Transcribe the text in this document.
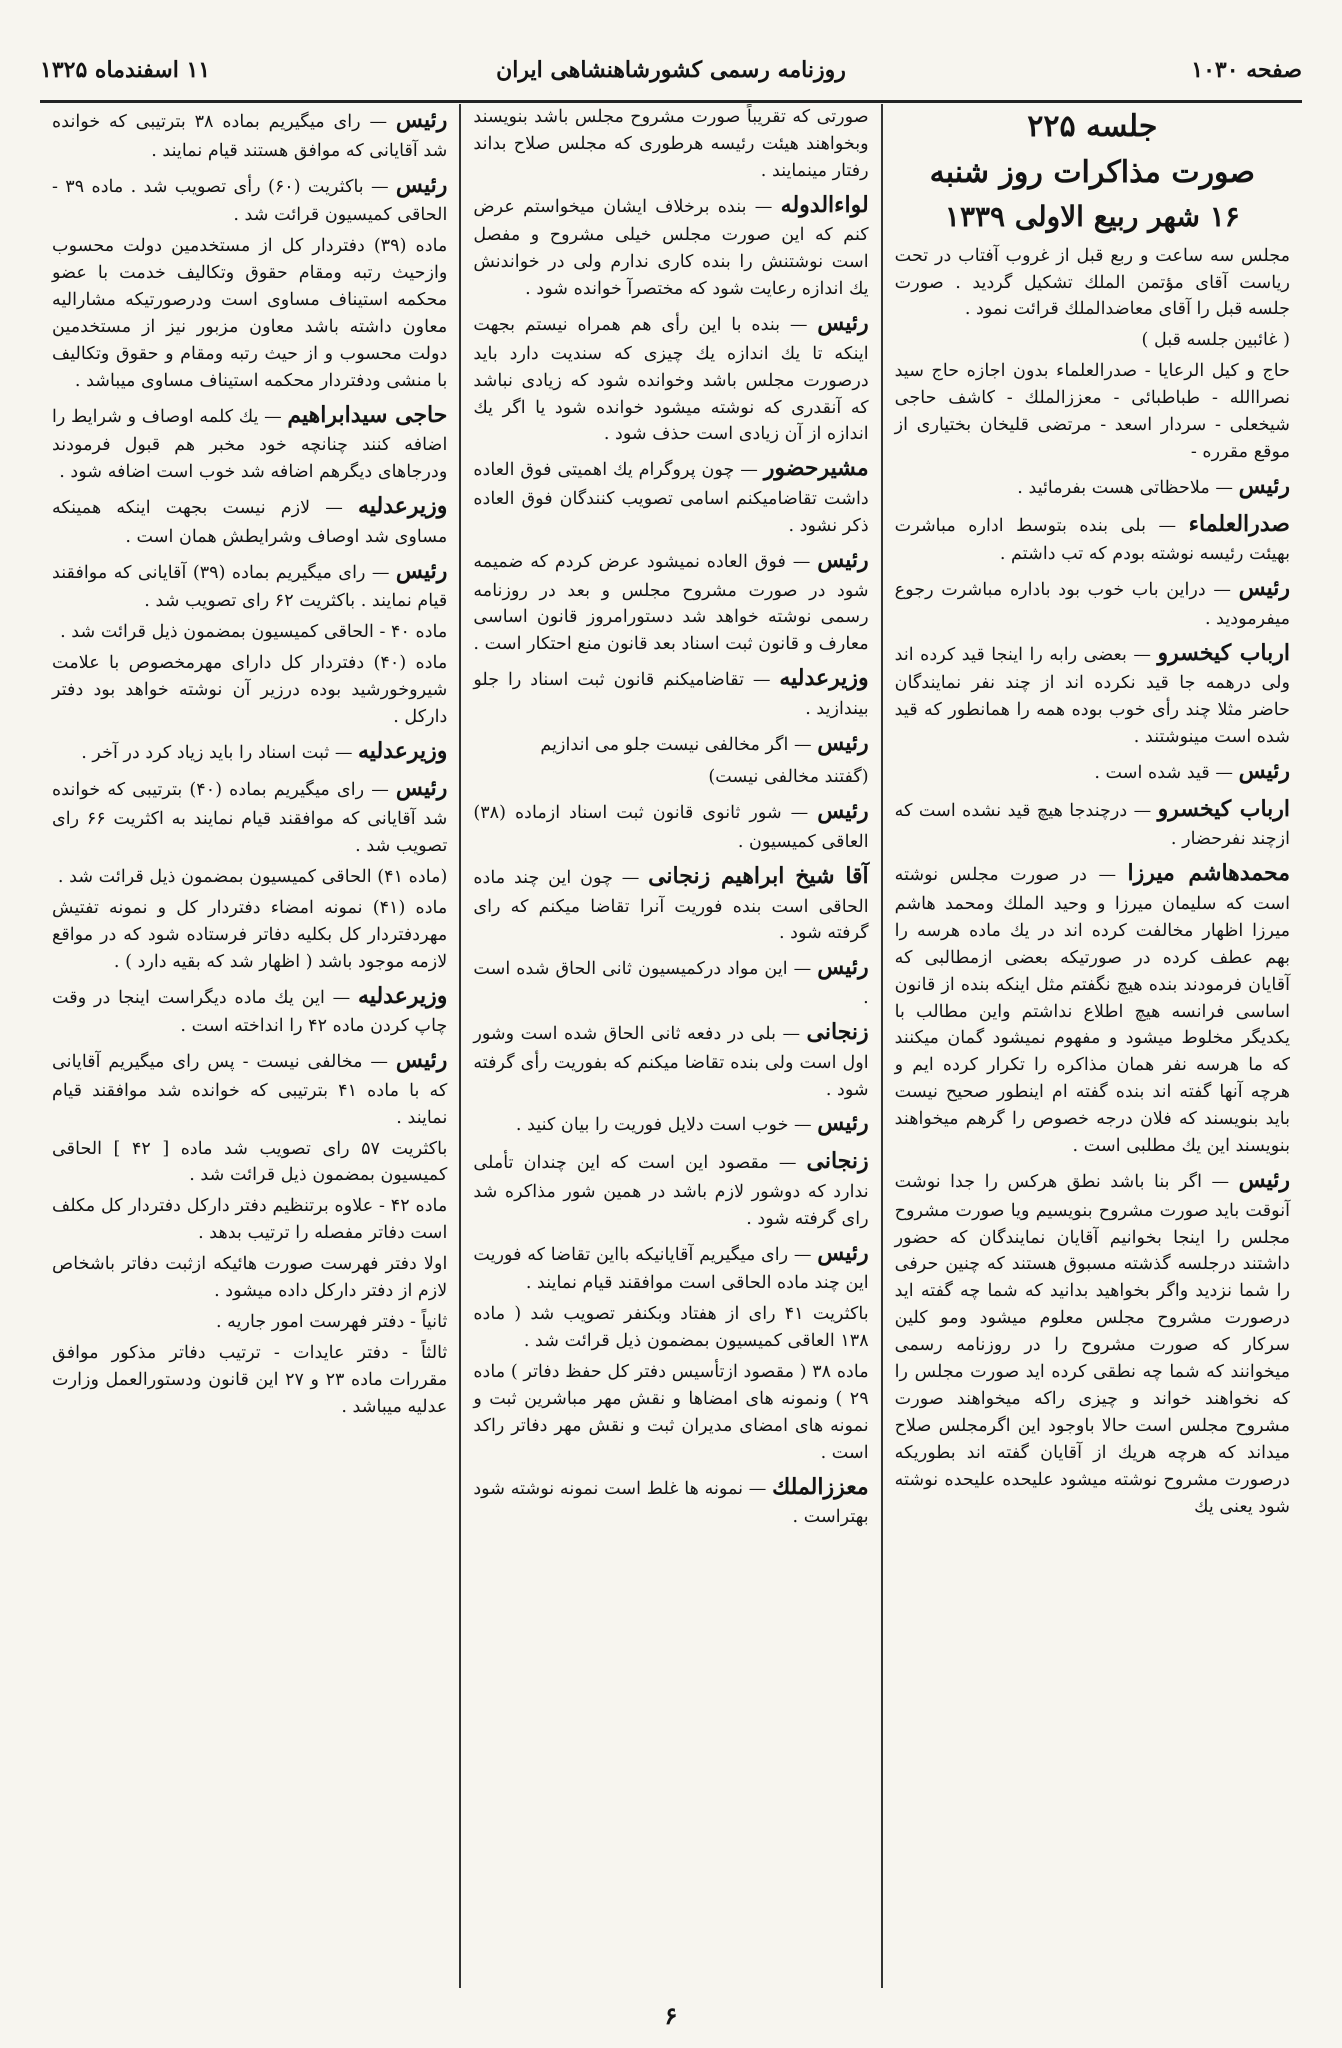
۱۱ اسفندماه ۱۳۲۵	روزنامه رسمی کشورشاهنشاهی ایران	صفحه ۱۰۳۰
جلسه ۲۲۵
صورت مذاکرات روز شنبه
۱۶ شهر ربیع الاولی ۱۳۳۹

مجلس سه ساعت و ربع قبل از غروب آفتاب در تحت ریاست آقای مؤتمن الملك تشکیل گردید . صورت جلسه قبل را آقای معاضدالملك قرائت نمود .

( غائبین جلسه قبل )

حاج و کیل الرعایا - صدرالعلماء بدون اجازه حاج سید نصراالله - طباطبائی - معززالملك - کاشف حاجی شیخعلی - سردار اسعد - مرتضی قلیخان بختیاری از موقع مقرره -

رئیس — ملاحظاتی هست بفرمائید .

صدرالعلماء — بلی بنده بتوسط اداره مباشرت بهیئت رئیسه نوشته بودم که تب داشتم .

رئیس — دراین باب خوب بود باداره مباشرت رجوع میفرمودید .

ارباب کیخسرو — بعضی رابه را اینجا قید کرده اند ولی درهمه جا قید نکرده اند از چند نفر نمایندگان حاضر مثلا چند رأی خوب بوده همه را همانطور که قید شده است مینوشتند .

رئیس — قید شده است .

ارباب کیخسرو — درچندجا هیچ قید نشده است که ازچند نفرحضار .

محمدهاشم میرزا — در صورت مجلس نوشته است که سلیمان میرزا و وحید الملك ومحمد هاشم میرزا اظهار مخالفت کرده اند در یك ماده هرسه را بهم عطف کرده در صورتیکه بعضی ازمطالبی که آقایان فرمودند بنده هیچ نگفتم مثل اینکه بنده از قانون اساسی فرانسه هیچ اطلاع نداشتم واین مطالب با یکدیگر مخلوط میشود و مفهوم نمیشود گمان میکنند که ما هرسه نفر همان مذاکره را تکرار کرده ایم و هرچه آنها گفته اند بنده گفته ام اینطور صحیح نیست باید بنویسند که فلان درجه خصوص را گرهم میخواهند بنویسند این یك مطلبی است .

رئیس — اگر بنا باشد نطق هرکس را جدا نوشت آنوقت باید صورت مشروح بنویسیم ویا صورت مشروح مجلس را اینجا بخوانیم آقایان نمایندگان که حضور داشتند درجلسه گذشته مسبوق هستند که چنین حرفی را شما نزدید واگر بخواهید بدانید که شما چه گفته اید درصورت مشروح مجلس معلوم میشود ومو کلین سرکار که صورت مشروح را در روزنامه رسمی میخوانند که شما چه نطقی کرده اید صورت مجلس را که نخواهند خواند و چیزی راکه میخواهند صورت مشروح مجلس است حالا باوجود این اگرمجلس صلاح میداند که هرچه هریك از آقایان گفته اند بطوریکه درصورت مشروح نوشته میشود علیحده علیحده نوشته شود یعنی یك

صورتی که تقریباً صورت مشروح مجلس باشد بنویسند وبخواهند هیئت رئیسه هرطوری که مجلس صلاح بداند رفتار مینمایند .

لواءالدوله — بنده برخلاف ایشان میخواستم عرض کنم که این صورت مجلس خیلی مشروح و مفصل است نوشتنش را بنده کاری ندارم ولی در خواندنش یك اندازه رعایت شود که مختصرآ خوانده شود .

رئیس — بنده با این رأی هم همراه نیستم بجهت اینکه تا یك اندازه یك چیزی که سندیت دارد باید درصورت مجلس باشد وخوانده شود که زیادی نباشد که آنقدری که نوشته میشود خوانده شود یا اگر یك اندازه از آن زیادی است حذف شود .

مشیرحضور — چون پروگرام یك اهمیتی فوق العاده داشت تقاضامیکنم اسامی تصویب کنندگان فوق العاده ذکر نشود .

رئیس — فوق العاده نمیشود عرض کردم که ضمیمه شود در صورت مشروح مجلس و بعد در روزنامه رسمی نوشته خواهد شد دستورامروز قانون اساسی معارف و قانون ثبت اسناد بعد قانون منع احتکار است .

وزیرعدلیه — تقاضامیکنم قانون ثبت اسناد را جلو بیندازید .

رئیس — اگر مخالفی نیست جلو می اندازیم

(گفتند مخالفی نیست)

رئیس — شور ثانوی قانون ثبت اسناد ازماده (۳۸) العاقی کمیسیون .

آقا شیخ ابراهیم زنجانی — چون این چند ماده الحاقی است بنده فوریت آنرا تقاضا میکنم که رای گرفته شود .

رئیس — این مواد درکمیسیون ثانی الحاق شده است .

زنجانی — بلی در دفعه ثانی الحاق شده است وشور اول است ولی بنده تقاضا میکنم که بفوریت رأی گرفته شود .

رئیس — خوب است دلایل فوریت را بیان کنید .

زنجانی — مقصود این است که این چندان تأملی ندارد که دوشور لازم باشد در همین شور مذاکره شد رای گرفته شود .

رئیس — رای میگیریم آقایانیکه بااین تقاضا که فوریت این چند ماده الحاقی است موافقند قیام نمایند .

باکثریت ۴۱ رای از هفتاد وبکنفر تصویب شد ( ماده ۱۳۸ العاقی کمیسیون بمضمون ذیل قرائت شد .

ماده ۳۸ ( مقصود ازتأسیس دفتر کل حفظ دفاتر ) ماده ۲۹ ) ونمونه های امضاها و نقش مهر مباشرین ثبت و نمونه های امضای مدیران ثبت و نقش مهر دفاتر راکد است .

معززالملك — نمونه ها غلط است نمونه نوشته شود بهتراست .

رئیس — رای میگیریم بماده ۳۸ بترتیبی که خوانده شد آقایانی که موافق هستند قیام نمایند .

رئیس — باکثریت (۶۰) رأی تصویب شد . ماده ۳۹ - الحاقی کمیسیون قرائت شد .

ماده (۳۹) دفتردار کل از مستخدمین دولت محسوب وازحیث رتبه ومقام حقوق وتکالیف خدمت با عضو محکمه استیناف مساوی است ودرصورتیکه مشاراليه معاون داشته باشد معاون مزبور نیز از مستخدمین دولت محسوب و از حیث رتبه ومقام و حقوق وتکالیف با منشی ودفتردار محکمه استیناف مساوی میباشد .

حاجی سیدابراهیم — یك کلمه اوصاف و شرایط را اضافه کنند چنانچه خود مخبر هم قبول فرمودند ودرجاهای دیگرهم اضافه شد خوب است اضافه شود .

وزیرعدلیه — لازم نیست بجهت اینکه همینکه مساوی شد اوصاف وشرایطش همان است .

رئیس — رای میگیریم بماده (۳۹) آقایانی که موافقند قیام نمایند . باکثریت ۶۲ رای تصویب شد .

ماده ۴۰ - الحاقی کمیسیون بمضمون ذیل قرائت شد .

ماده (۴۰) دفتردار کل دارای مهرمخصوص با علامت شیروخورشید بوده درزیر آن نوشته خواهد بود دفتر داركل .

وزیرعدلیه — ثبت اسناد را باید زیاد کرد در آخر .

رئیس — رای میگیریم بماده (۴۰) بترتیبی که خوانده شد آقایانی که موافقند قیام نمایند به اکثریت ۶۶ رای تصویب شد .

(ماده ۴۱) الحاقی کمیسیون بمضمون ذیل قرائت شد .

ماده (۴۱) نمونه امضاء دفتردار کل و نمونه تفتیش مهردفتردار کل بکلیه دفاتر فرستاده شود که در مواقع لازمه موجود باشد ( اظهار شد که بقیه دارد ) .

وزیرعدلیه — این یك ماده دیگراست اینجا در وقت چاپ کردن ماده ۴۲ را انداخته است .

رئیس — مخالفی نیست - پس رای میگیریم آقایانی که با ماده ۴۱ بترتیبی که خوانده شد موافقند قیام نمایند .

باکثریت ۵۷ رای تصویب شد ماده [ ۴۲ ] الحاقی کمیسیون بمضمون ذیل قرائت شد .

ماده ۴۲ - علاوه برتنظیم دفتر داركل دفتردار کل مکلف است دفاتر مفصله را ترتیب بدهد .

اولا دفتر فهرست صورت هائیکه ازثبت دفاتر باشخاص لازم از دفتر داركل داده میشود .

ثانیاً - دفتر فهرست امور جاریه .

ثالثاً - دفتر عایدات - ترتیب دفاتر مذکور موافق مقررات ماده ۲۳ و ۲۷ این قانون ودستورالعمل وزارت عدلیه میباشد .

۶
